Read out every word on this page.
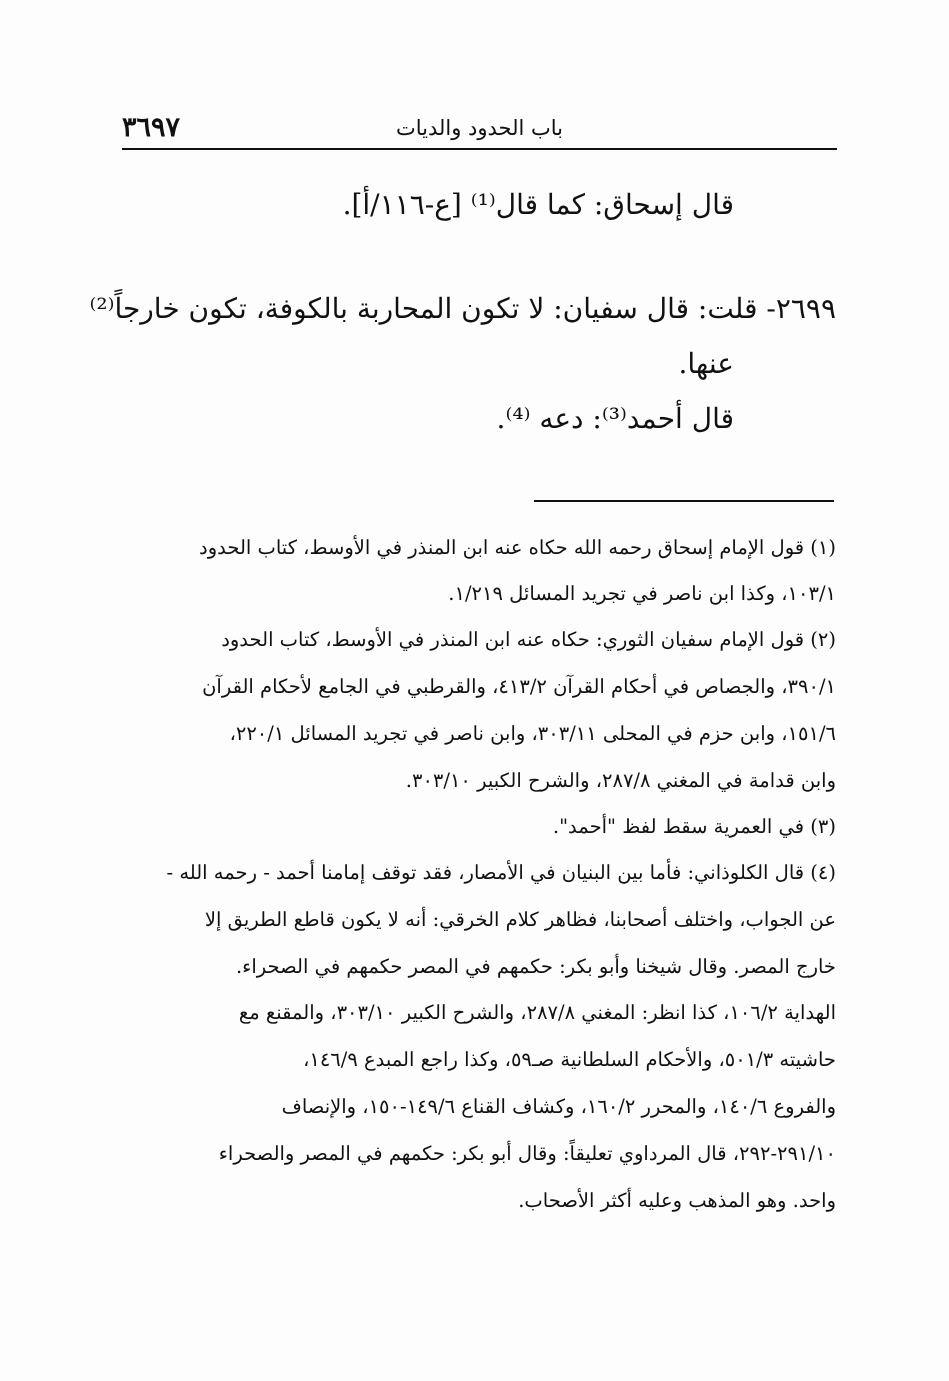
٣٦٩٧	باب الحدود والديات
قال إسحاق: كما قال⁽¹⁾ [ع-١١٦/أ].
٢٦٩٩- قلت: قال سفيان: لا تكون المحاربة بالكوفة، تكون خارجاً⁽²⁾
عنها.
قال أحمد⁽³⁾: دعه ⁽⁴⁾.
(١) قول الإمام إسحاق رحمه الله حكاه عنه ابن المنذر في الأوسط، كتاب الحدود
١٠٣/١، وكذا ابن ناصر في تجريد المسائل ١/٢١٩.
(٢) قول الإمام سفيان الثوري: حكاه عنه ابن المنذر في الأوسط، كتاب الحدود
٣٩٠/١، والجصاص في أحكام القرآن ٤١٣/٢، والقرطبي في الجامع لأحكام القرآن
١٥١/٦، وابن حزم في المحلى ٣٠٣/١١، وابن ناصر في تجريد المسائل ٢٢٠/١،
وابن قدامة في المغني ٢٨٧/٨، والشرح الكبير ٣٠٣/١٠.
(٣) في العمرية سقط لفظ "أحمد".
(٤) قال الكلوذاني: فأما بين البنيان في الأمصار، فقد توقف إمامنا أحمد - رحمه الله -
عن الجواب، واختلف أصحابنا، فظاهر كلام الخرقي: أنه لا يكون قاطع الطريق إلا
خارج المصر. وقال شيخنا وأبو بكر: حكمهم في المصر حكمهم في الصحراء.
الهداية ١٠٦/٢، كذا انظر: المغني ٢٨٧/٨، والشرح الكبير ٣٠٣/١٠، والمقنع مع
حاشيته ٥٠١/٣، والأحكام السلطانية صـ٥٩، وكذا راجع المبدع ١٤٦/٩،
والفروع ١٤٠/٦، والمحرر ١٦٠/٢، وكشاف القناع ١٤٩/٦-١٥٠، والإنصاف
٢٩١/١٠-٢٩٢، قال المرداوي تعليقاً: وقال أبو بكر: حكمهم في المصر والصحراء
واحد. وهو المذهب وعليه أكثر الأصحاب.
